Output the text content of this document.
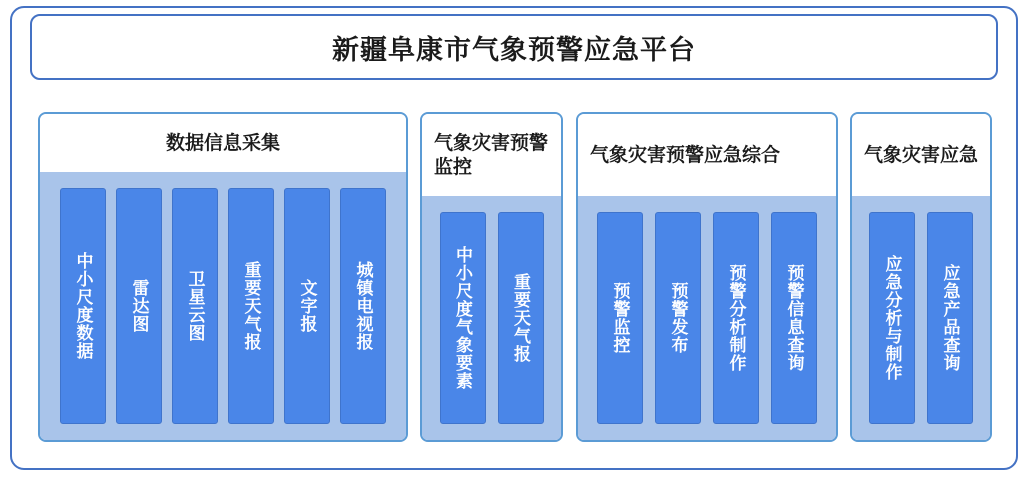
新疆阜康市气象预警应急平台
数据信息采集
中小尺度数据	雷达图	卫星云图	重要天气报	文字报	城镇电视报
气象灾害预警监控
中小尺度气象要素	重要天气报
气象灾害预警应急综合
预警监控	预警发布	预警分析制作	预警信息查询
气象灾害应急
应急分析与制作	应急产品查询
